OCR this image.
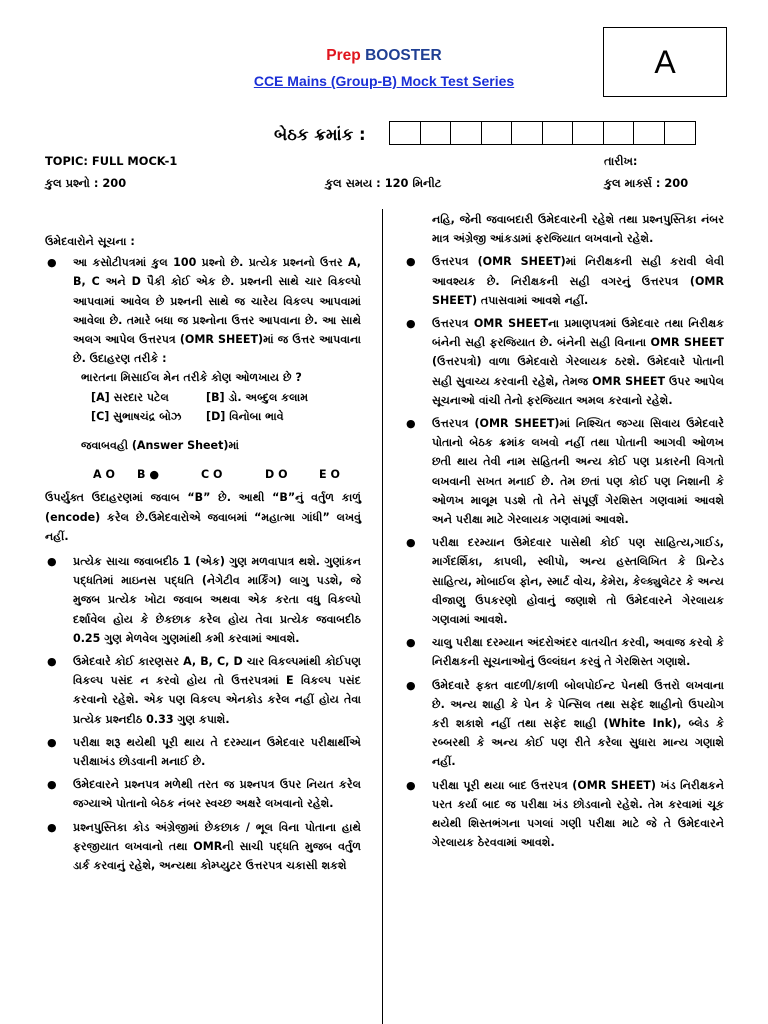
Prep BOOSTER
CCE Mains (Group-B) Mock Test Series
A
બેઠક ક્રમાંક :
TOPIC: FULL MOCK-1	તારીખ:
કુલ પ્રશ્નો : 200	કુલ સમય : 120 મિનીટ	કુલ માર્ક્સ : 200
ઉમેદવારોને સૂચના :
● આ કસોટીપત્રમાં કુલ 100 પ્રશ્નો છે. પ્રત્યેક પ્રશ્નનો ઉત્તર A, B, C અને D પૈકી કોઈ એક છે. પ્રશ્નની સાથે ચાર વિકલ્પો આપવામાં આવેલ છે પ્રશ્નની સાથે જ ચારેય વિકલ્પ આપવામાં આવેલા છે. તમારે બધા જ પ્રશ્નોના ઉત્તર આપવાના છે. આ સાથે અલગ આપેલ ઉત્તરપત્ર (OMR SHEET)માં જ ઉત્તર આપવાના છે. ઉદાહરણ તરીકે :

ભારતના મિસાઈલ મેન તરીકે કોણ ઓળખાય છે ?

[A] સરદાર પટેલ	[B] ડો. અબ્દુલ કલામ
[C] સુભાષચંદ્ર બોઝ	[D] વિનોબા ભાવે

જવાબવહી (Answer Sheet)માં

A O	B ●	C O	D O	E O

ઉપર્યુક્ત ઉદાહરણમાં જવાબ “B” છે. આથી “B”નું વર્તુળ કાળું (encode) કરેલ છે.ઉમેદવારોએ જવાબમાં “મહાત્મા ગાંધી” લખવું નહીં.

● પ્રત્યેક સાચા જવાબદીઠ 1 (એક) ગુણ મળવાપાત્ર થશે. ગુણાંકન પદ્ધતિમાં માઇનસ પદ્ધતિ (નેગેટીવ માર્કિંગ) લાગુ પડશે, જે મુજબ પ્રત્યેક ખોટા જવાબ અથવા એક કરતા વધુ વિકલ્પો દર્શાવેલ હોય કે છેકછાક કરેલ હોય તેવા પ્રત્યેક જવાબદીઠ 0.25 ગુણ મેળવેલ ગુણમાંથી કમી કરવામાં આવશે.

● ઉમેદવારે કોઈ કારણસર A, B, C, D ચાર વિકલ્પમાંથી કોઈપણ વિકલ્પ પસંદ ન કરવો હોય તો ઉત્તરપત્રમાં E વિકલ્પ પસંદ કરવાનો રહેશે. એક પણ વિકલ્પ એનકોડ કરેલ નહીં હોય તેવા પ્રત્યેક પ્રશ્નદીઠ 0.33 ગુણ કપાશે.

● પરીક્ષા શરૂ થયેથી પૂરી થાય તે દરમ્યાન ઉમેદવાર પરીક્ષાર્થીએ પરીક્ષાખંડ છોડવાની મનાઈ છે.

● ઉમેદવારને પ્રશ્નપત્ર મળેથી તરત જ પ્રશ્નપત્ર ઉપર નિયત કરેલ જગ્યાએ પોતાનો બેઠક નંબર સ્વચ્છ અક્ષરે લખવાનો રહેશે.

● પ્રશ્નપુસ્તિકા કોડ અંગ્રેજીમાં છેકછાક / ભૂલ વિના પોતાના હાથે ફરજીયાત લખવાનો તથા OMRની સાચી પદ્ધતિ મુજબ વર્તુળ ડાર્ક કરવાનું રહેશે, અન્યથા કોમ્પ્યુટર ઉત્તરપત્ર ચકાસી શકશે

નહિ, જેની જવાબદારી ઉમેદવારની રહેશે તથા પ્રશ્નપુસ્તિકા નંબર માત્ર અંગ્રેજી આંકડામાં ફરજિયાત લખવાનો રહેશે.

● ઉત્તરપત્ર (OMR SHEET)માં નિરીક્ષકની સહી કરાવી લેવી આવશ્યક છે. નિરીક્ષકની સહી વગરનું ઉત્તરપત્ર (OMR SHEET) તપાસવામાં આવશે નહીં.

● ઉત્તરપત્ર OMR SHEETના પ્રમાણપત્રમાં ઉમેદવાર તથા નિરીક્ષક બંનેની સહી ફરજિયાત છે. બંનેની સહી વિનાના OMR SHEET (ઉત્તરપત્રો) વાળા ઉમેદવારો ગેરલાયક ઠરશે. ઉમેદવારે પોતાની સહી સુવાચ્ય કરવાની રહેશે, તેમજ OMR SHEET ઉપર આપેલ સૂચનાઓ વાંચી તેનો ફરજિયાત અમલ કરવાનો રહેશે.

● ઉત્તરપત્ર (OMR SHEET)માં નિશ્ચિત જગ્યા સિવાય ઉમેદવારે પોતાનો બેઠક ક્રમાંક લખવો નહીં તથા પોતાની આગવી ઓળખ છતી થાય તેવી નામ સહિતની અન્ય કોઈ પણ પ્રકારની વિગતો લખવાની સખત મનાઈ છે. તેમ છતાં પણ કોઈ પણ નિશાની કે ઓળખ માલૂમ પડશે તો તેને સંપૂર્ણ ગેરશિસ્ત ગણવામાં આવશે અને પરીક્ષા માટે ગેરલાયક ગણવામાં આવશે.

● પરીક્ષા દરમ્યાન ઉમેદવાર પાસેથી કોઈ પણ સાહિત્ય,ગાઈડ, માર્ગદર્શિકા, કાપલી, સ્લીપો, અન્ય હસ્તલિખિત કે પ્રિન્ટેડ સાહિત્ય, મોબાઈલ ફોન, સ્માર્ટ વોચ, કેમેરા, કેલ્ક્યુલેટર કે અન્ય વીજાણુ ઉપકરણો હોવાનું જણાશે તો ઉમેદવારને ગેરલાયક ગણવામાં આવશે.

● ચાલુ પરીક્ષા દરમ્યાન અંદરોઅંદર વાતચીત કરવી, અવાજ કરવો કે નિરીક્ષકની સૂચનાઓનું ઉલ્લંઘન કરવું તે ગેરશિસ્ત ગણાશે.

● ઉમેદવારે ફક્ત વાદળી/કાળી બોલપોઈન્ટ પેનથી ઉત્તરો લખવાના છે. અન્ય શાહી કે પેન કે પેન્સિલ તથા સફેદ શાહીનો ઉપયોગ કરી શકાશે નહીં તથા સફેદ શાહી (White Ink), બ્લેડ કે રબ્બરથી કે અન્ય કોઈ પણ રીતે કરેલા સુધારા માન્ય ગણાશે નહીં.

● પરીક્ષા પૂરી થયા બાદ ઉત્તરપત્ર (OMR SHEET) ખંડ નિરીક્ષકને પરત કર્યા બાદ જ પરીક્ષા ખંડ છોડવાનો રહેશે. તેમ કરવામાં ચૂક થયેથી શિસ્તભંગના પગલાં ગણી પરીક્ષા માટે જે તે ઉમેદવારને ગેરલાયક ઠેરવવામાં આવશે.
